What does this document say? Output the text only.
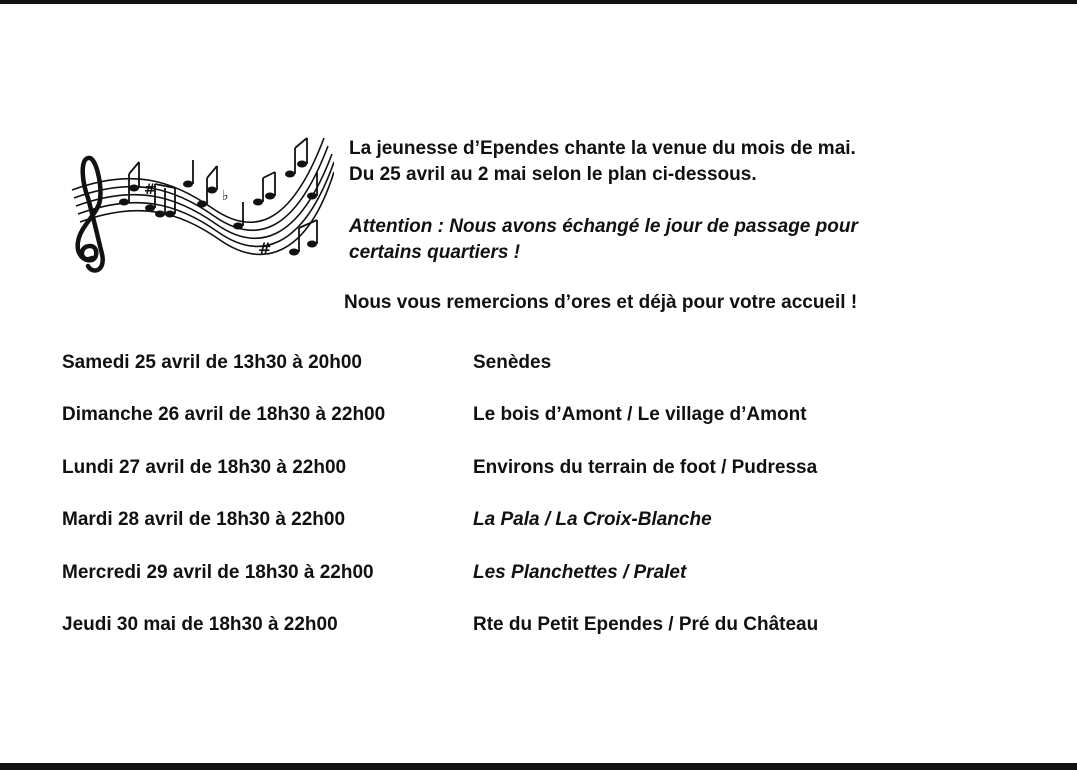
#
#
♭
La jeunesse d’Ependes chante la venue du mois de mai.
Du 25 avril au 2 mai selon le plan ci-dessous.
Attention : Nous avons échangé le jour de passage pour
certains quartiers !
Nous vous remercions d’ores et déjà pour votre accueil !
Samedi 25 avril de 13h30 à 20h00	Senèdes
Dimanche 26 avril de 18h30 à 22h00	Le bois d’Amont / Le village d’Amont
Lundi 27 avril de 18h30 à 22h00	Environs du terrain de foot / Pudressa
Mardi 28 avril de 18h30 à 22h00	La Pala / La Croix-Blanche
Mercredi 29 avril de 18h30 à 22h00	Les Planchettes / Pralet
Jeudi 30 mai de 18h30 à 22h00	Rte du Petit Ependes / Pré du Château
